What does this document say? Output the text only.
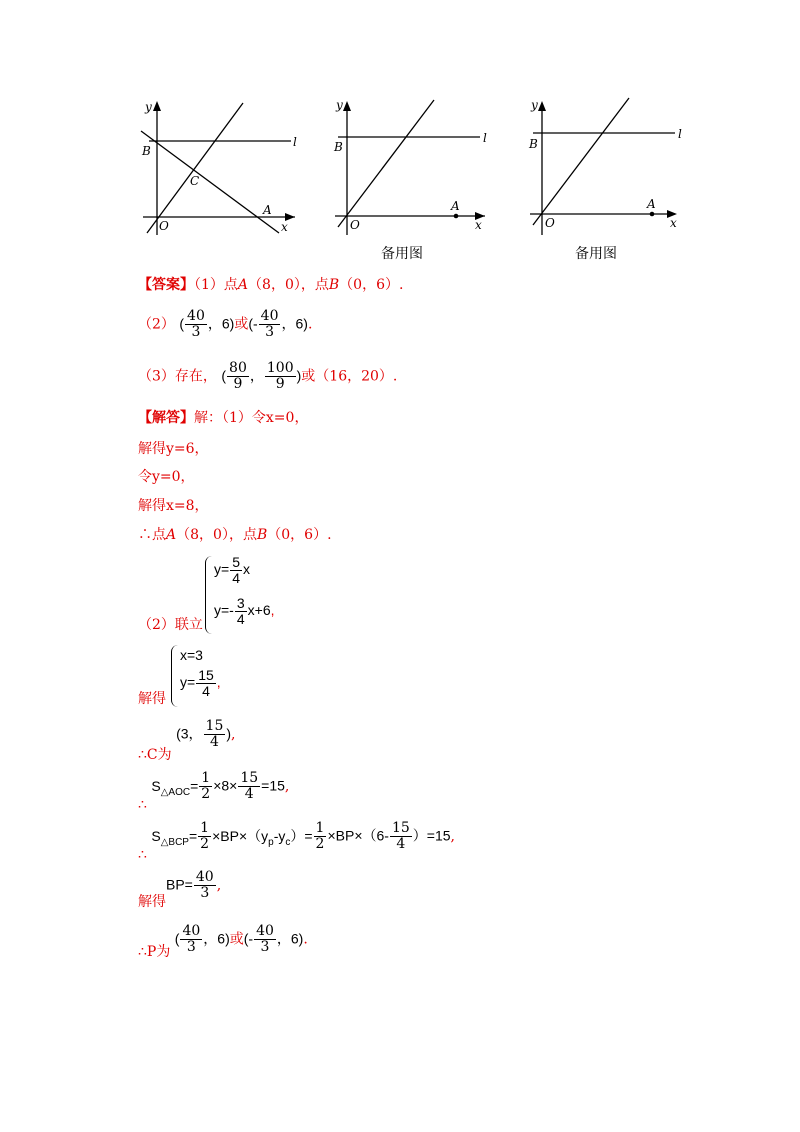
y
x
B
O
C
A
l
y
x
B
O
A
l
备用图
y
x
B
O
A
l
备用图
【答案】（1）点A（8，0），点B（0，6）.
（2） ( $\frac{40}{3}$ ，6)或(- $\frac{40}{3}$ ，6).
（3）存在， ( $\frac{80}{9}$ ， $\frac{100}{9}$ )或（16，20）.
【解答】解：（1）令x=0，
解得y=6，
令y=0，
解得x=8，
∴点A（8，0），点B（0，6）.
（2）联立
$y= \frac{5}{4}$ x
$y=- \frac{3}{4} x+6$,
解得
x=3
$y= \frac{15}{4}$ ,
∴C为 (3， $\frac{15}{4}$ ),
∴ $S_{\triangle AOC}= \frac{1}{2} \times 8\times \frac{15}{4} =15$,
∴ $S_{\triangle BCP}= \frac{1}{2} \times BP\times(y_p-y_c)= \frac{1}{2} \times BP\times(6- \frac{15}{4} )=15$,
解得$BP= \frac{40}{3}$ ,
∴P为 ( $\frac{40}{3}$ ，6)或(- $\frac{40}{3}$ ，6).
